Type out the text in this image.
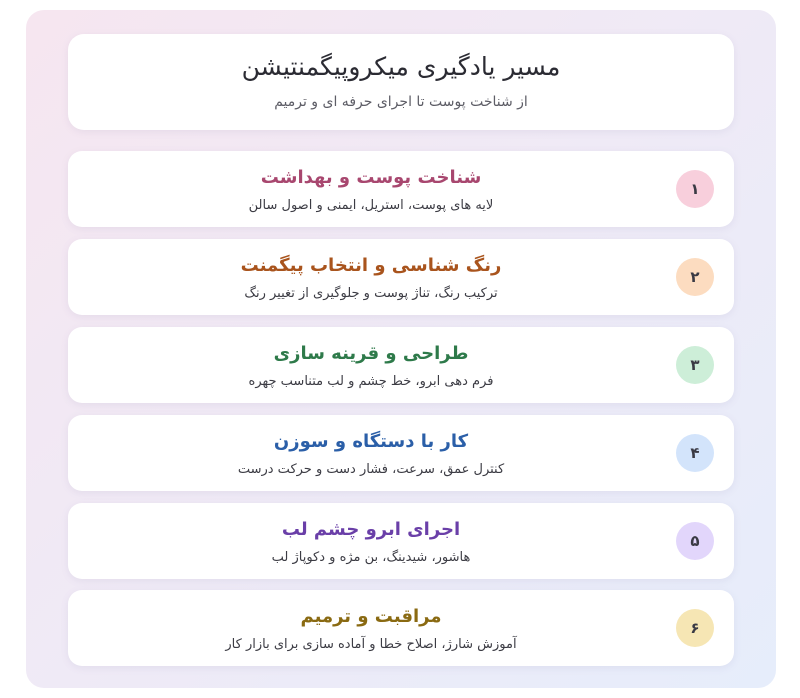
مسیر یادگیری میکروپیگمنتیشن
از شناخت پوست تا اجرای حرفه ای و ترمیم
شناخت پوست و بهداشت
لایه های پوست، استریل، ایمنی و اصول سالن
۱
رنگ شناسی و انتخاب پیگمنت
ترکیب رنگ، تناژ پوست و جلوگیری از تغییر رنگ
۲
طراحی و قرینه سازی
فرم دهی ابرو، خط چشم و لب متناسب چهره
۳
کار با دستگاه و سوزن
کنترل عمق، سرعت، فشار دست و حرکت درست
۴
اجرای ابرو چشم لب
هاشور، شیدینگ، بن مژه و دکوپاژ لب
۵
مراقبت و ترمیم
آموزش شارژ، اصلاح خطا و آماده سازی برای بازار کار
۶
